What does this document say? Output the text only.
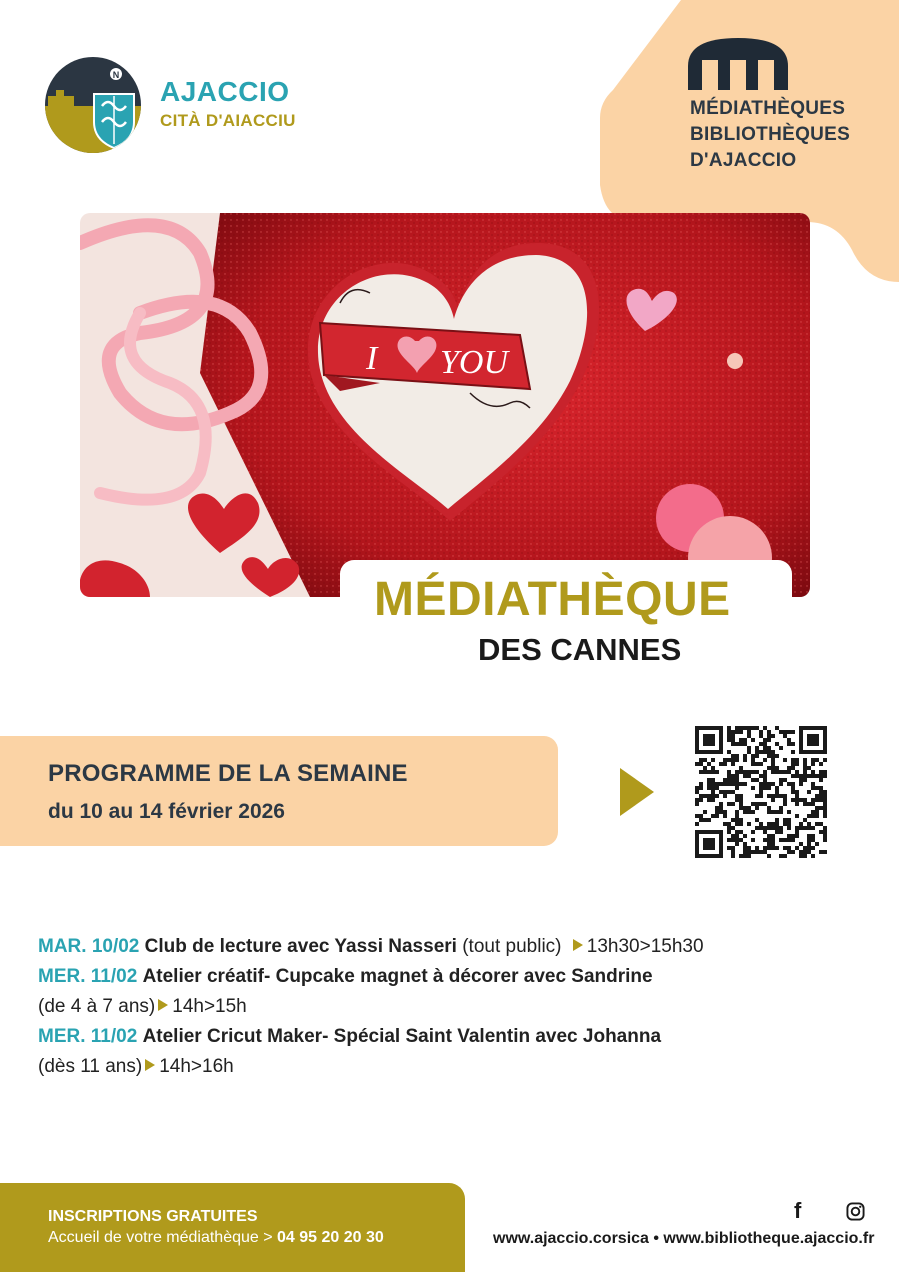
MÉDIATHÈQUES
BIBLIOTHÈQUES
D'AJACCIO
N
AJACCIO
CITÀ D'AIACCIU
I YOU
MÉDIATHÈQUE
DES CANNES
PROGRAMME DE LA SEMAINE
du 10 au 14 février 2026
MAR. 10/02 Club de lecture avec Yassi Nasseri (tout public) 13h30>15h30
MER. 11/02 Atelier créatif- Cupcake magnet à décorer avec Sandrine
(de 4 à 7 ans) 14h>15h
MER. 11/02 Atelier Cricut Maker- Spécial Saint Valentin avec Johanna
(dès 11 ans) 14h>16h
INSCRIPTIONS GRATUITES
Accueil de votre médiathèque > 04 95 20 20 30
f
www.ajaccio.corsica • www.bibliotheque.ajaccio.fr
